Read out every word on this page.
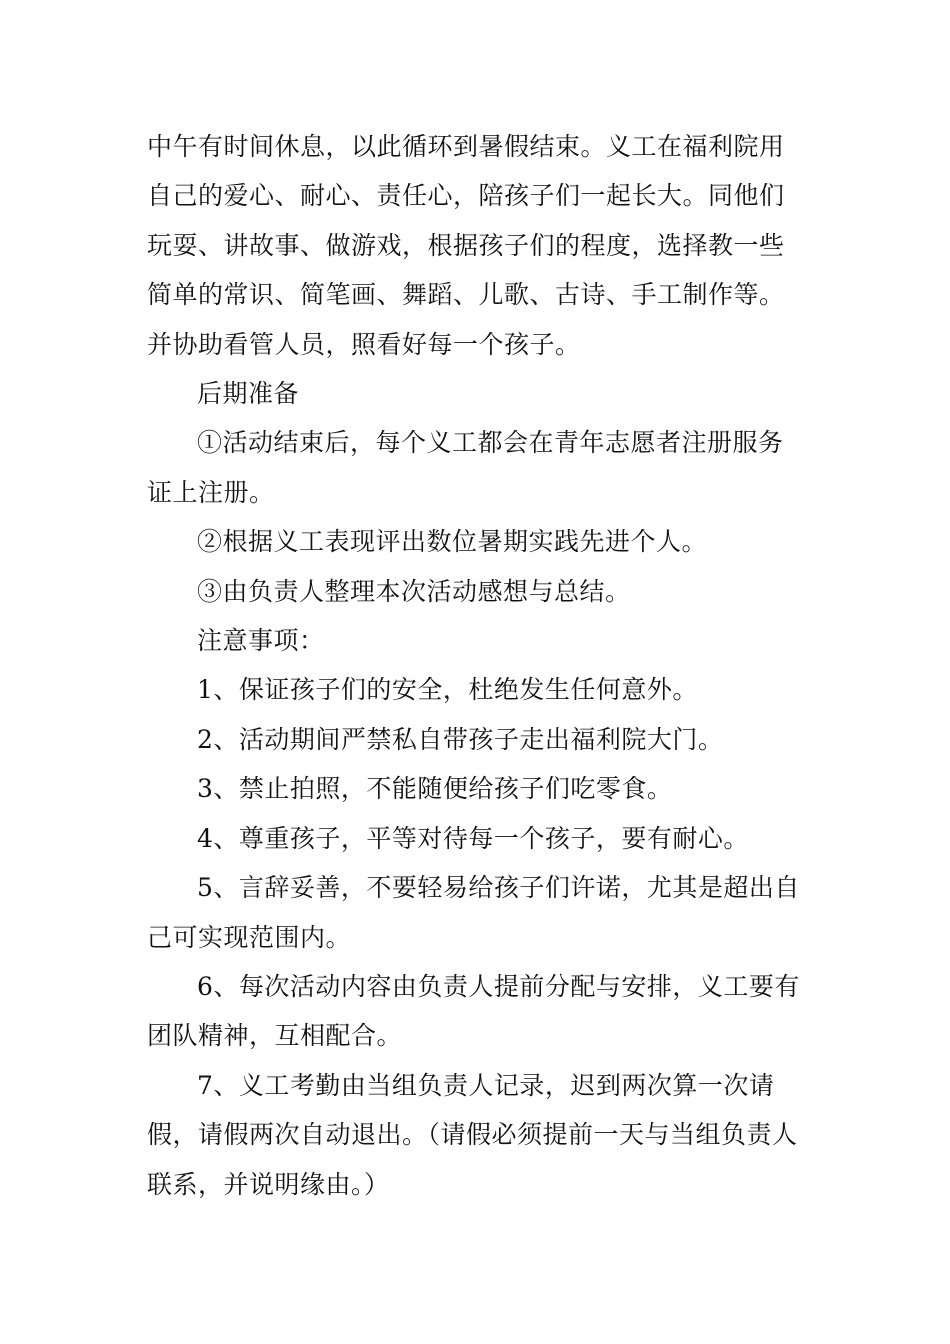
中午有时间休息，以此循环到暑假结束。义工在福利院用自己的爱心、耐心、责任心，陪孩子们一起长大。同他们玩耍、讲故事、做游戏，根据孩子们的程度，选择教一些简单的常识、简笔画、舞蹈、儿歌、古诗、手工制作等。并协助看管人员，照看好每一个孩子。

后期准备

①活动结束后，每个义工都会在青年志愿者注册服务证上注册。

②根据义工表现评出数位暑期实践先进个人。

③由负责人整理本次活动感想与总结。

注意事项：

1、保证孩子们的安全，杜绝发生任何意外。

2、活动期间严禁私自带孩子走出福利院大门。

3、禁止拍照，不能随便给孩子们吃零食。

4、尊重孩子，平等对待每一个孩子，要有耐心。

5、言辞妥善，不要轻易给孩子们许诺，尤其是超出自己可实现范围内。

6、每次活动内容由负责人提前分配与安排，义工要有团队精神，互相配合。

7、义工考勤由当组负责人记录，迟到两次算一次请假，请假两次自动退出。（请假必须提前一天与当组负责人联系，并说明缘由。）
